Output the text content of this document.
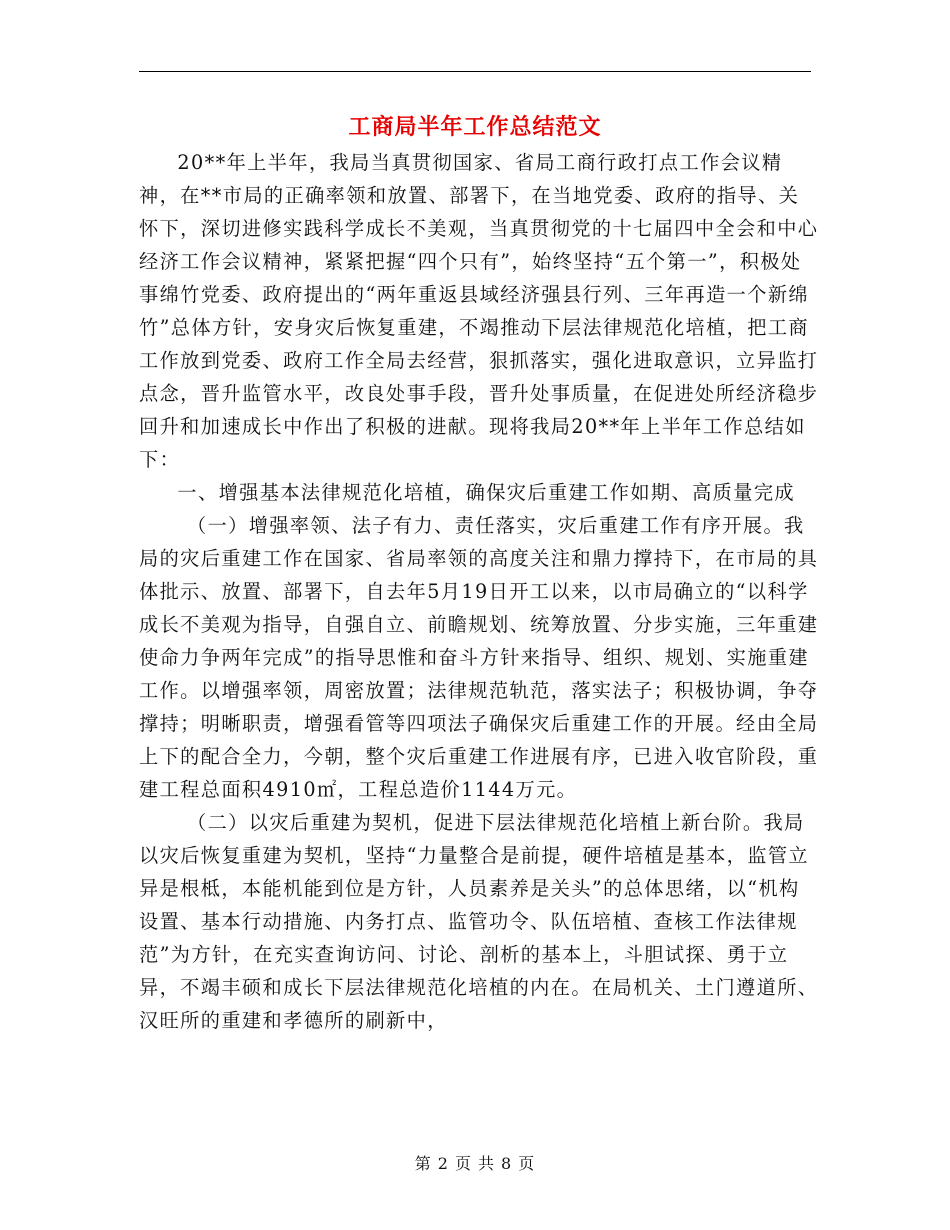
工商局半年工作总结范文

20**年上半年，我局当真贯彻国家、省局工商行政打点工作会议精神，在**市局的正确率领和放置、部署下，在当地党委、政府的指导、关怀下，深切进修实践科学成长不美观，当真贯彻党的十七届四中全会和中心经济工作会议精神，紧紧把握“四个只有”，始终坚持“五个第一”，积极处事绵竹党委、政府提出的“两年重返县域经济强县行列、三年再造一个新绵竹”总体方针，安身灾后恢复重建，不竭推动下层法律规范化培植，把工商工作放到党委、政府工作全局去经营，狠抓落实，强化进取意识，立异监打点念，晋升监管水平，改良处事手段，晋升处事质量，在促进处所经济稳步回升和加速成长中作出了积极的进献。现将我局20**年上半年工作总结如下：

一、增强基本法律规范化培植，确保灾后重建工作如期、高质量完成

（一）增强率领、法子有力、责任落实，灾后重建工作有序开展。我局的灾后重建工作在国家、省局率领的高度关注和鼎力撑持下，在市局的具体批示、放置、部署下，自去年5月19日开工以来，以市局确立的“以科学成长不美观为指导，自强自立、前瞻规划、统筹放置、分步实施，三年重建使命力争两年完成”的指导思惟和奋斗方针来指导、组织、规划、实施重建工作。以增强率领，周密放置；法律规范轨范，落实法子；积极协调，争夺撑持；明晰职责，增强看管等四项法子确保灾后重建工作的开展。经由全局上下的配合全力，今朝，整个灾后重建工作进展有序，已进入收官阶段，重建工程总面积4910㎡，工程总造价1144万元。

（二）以灾后重建为契机，促进下层法律规范化培植上新台阶。我局以灾后恢复重建为契机，坚持“力量整合是前提，硬件培植是基本，监管立异是根柢，本能机能到位是方针，人员素养是关头”的总体思绪，以“机构设置、基本行动措施、内务打点、监管功令、队伍培植、查核工作法律规范”为方针，在充实查询访问、讨论、剖析的基本上，斗胆试探、勇于立异，不竭丰硕和成长下层法律规范化培植的内在。在局机关、土门遵道所、汉旺所的重建和孝德所的刷新中，

第 2 页 共 8 页
